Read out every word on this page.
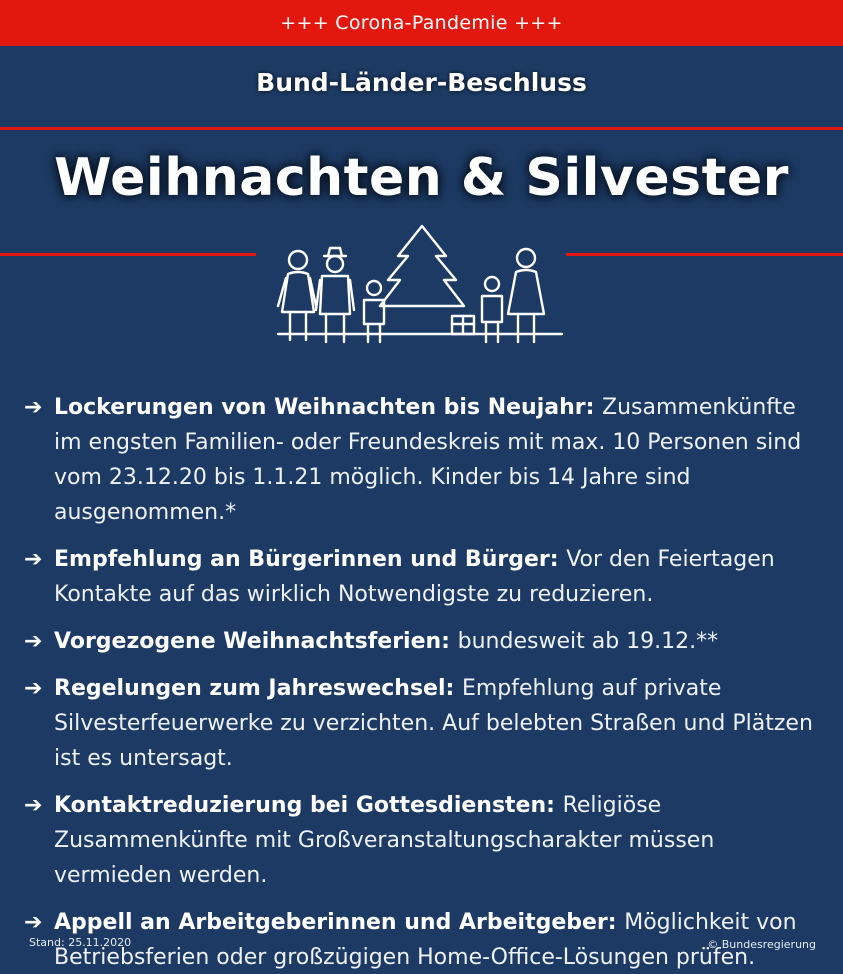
+++ Corona-Pandemie +++
Bund-Länder-Beschluss
Weihnachten & Silvester
➔ Lockerungen von Weihnachten bis Neujahr: Zusammenkünfte im engsten Familien- oder Freundeskreis mit max. 10 Personen sind vom 23.12.20 bis 1.1.21 möglich. Kinder bis 14 Jahre sind ausgenommen.*
➔ Empfehlung an Bürgerinnen und Bürger: Vor den Feiertagen Kontakte auf das wirklich Notwendigste zu reduzieren.
➔ Vorgezogene Weihnachtsferien: bundesweit ab 19.12.**
➔ Regelungen zum Jahreswechsel: Empfehlung auf private Silvesterfeuerwerke zu verzichten. Auf belebten Straßen und Plätzen ist es untersagt.
➔ Kontaktreduzierung bei Gottesdiensten: Religiöse Zusammenkünfte mit Großveranstaltungscharakter müssen vermieden werden.
➔ Appell an Arbeitgeberinnen und Arbeitgeber: Möglichkeit von Betriebsferien oder großzügigen Home-Office-Lösungen prüfen.
Stand: 25.11.2020	© Bundesregierung
